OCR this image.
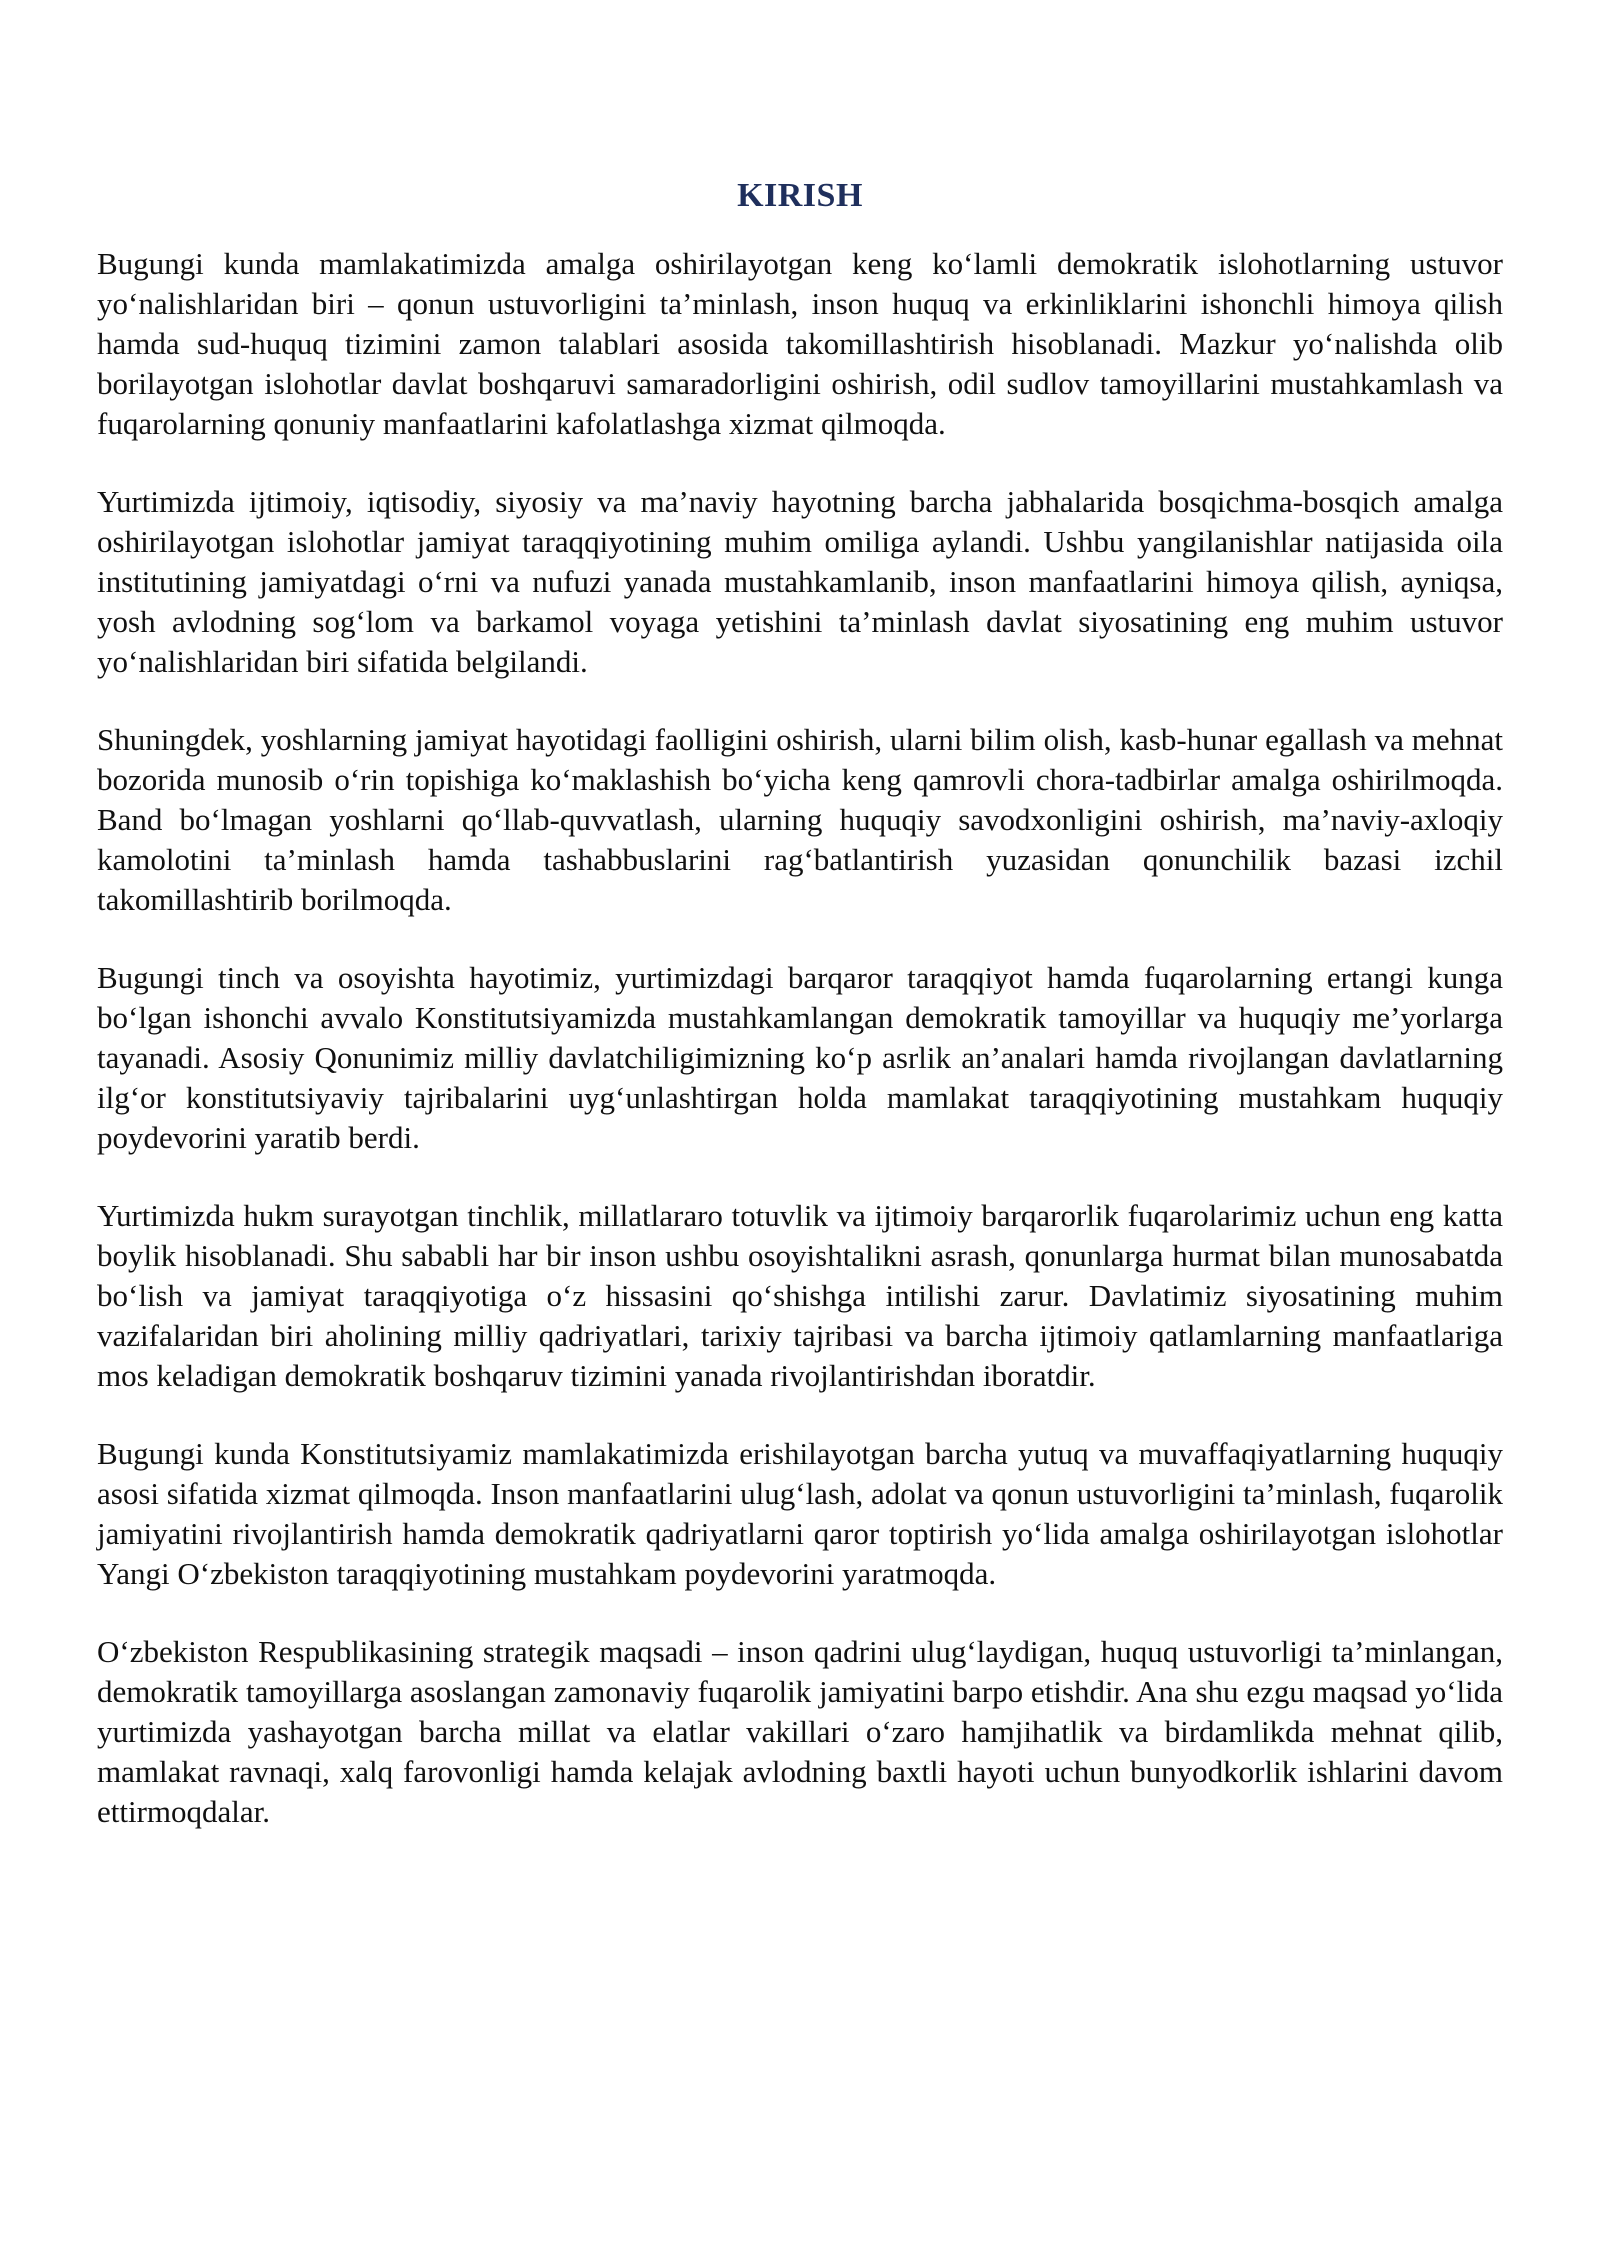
KIRISH

Bugungi kunda mamlakatimizda amalga oshirilayotgan keng ko‘lamli demokratik islohotlarning ustuvor yo‘nalishlaridan biri – qonun ustuvorligini ta’minlash, inson huquq va erkinliklarini ishonchli himoya qilish hamda sud-huquq tizimini zamon talablari asosida takomillashtirish hisoblanadi. Mazkur yo‘nalishda olib borilayotgan islohotlar davlat boshqaruvi samaradorligini oshirish, odil sudlov tamoyillarini mustahkamlash va fuqarolarning qonuniy manfaatlarini kafolatlashga xizmat qilmoqda.

Yurtimizda ijtimoiy, iqtisodiy, siyosiy va ma’naviy hayotning barcha jabhalarida bosqichma-bosqich amalga oshirilayotgan islohotlar jamiyat taraqqiyotining muhim omiliga aylandi. Ushbu yangilanishlar natijasida oila institutining jamiyatdagi o‘rni va nufuzi yanada mustahkamlanib, inson manfaatlarini himoya qilish, ayniqsa, yosh avlodning sog‘lom va barkamol voyaga yetishini ta’minlash davlat siyosatining eng muhim ustuvor yo‘nalishlaridan biri sifatida belgilandi.

Shuningdek, yoshlarning jamiyat hayotidagi faolligini oshirish, ularni bilim olish, kasb-hunar egallash va mehnat bozorida munosib o‘rin topishiga ko‘maklashish bo‘yicha keng qamrovli chora-tadbirlar amalga oshirilmoqda. Band bo‘lmagan yoshlarni qo‘llab-quvvatlash, ularning huquqiy savodxonligini oshirish, ma’naviy-axloqiy kamolotini ta’minlash hamda tashabbuslarini rag‘batlantirish yuzasidan qonunchilik bazasi izchil takomillashtirib borilmoqda.

Bugungi tinch va osoyishta hayotimiz, yurtimizdagi barqaror taraqqiyot hamda fuqarolarning ertangi kunga bo‘lgan ishonchi avvalo Konstitutsiyamizda mustahkamlangan demokratik tamoyillar va huquqiy me’yorlarga tayanadi. Asosiy Qonunimiz milliy davlatchiligimizning ko‘p asrlik an’analari hamda rivojlangan davlatlarning ilg‘or konstitutsiyaviy tajribalarini uyg‘unlashtirgan holda mamlakat taraqqiyotining mustahkam huquqiy poydevorini yaratib berdi.

Yurtimizda hukm surayotgan tinchlik, millatlararo totuvlik va ijtimoiy barqarorlik fuqarolarimiz uchun eng katta boylik hisoblanadi. Shu sababli har bir inson ushbu osoyishtalikni asrash, qonunlarga hurmat bilan munosabatda bo‘lish va jamiyat taraqqiyotiga o‘z hissasini qo‘shishga intilishi zarur. Davlatimiz siyosatining muhim vazifalaridan biri aholining milliy qadriyatlari, tarixiy tajribasi va barcha ijtimoiy qatlamlarning manfaatlariga mos keladigan demokratik boshqaruv tizimini yanada rivojlantirishdan iboratdir.

Bugungi kunda Konstitutsiyamiz mamlakatimizda erishilayotgan barcha yutuq va muvaffaqiyatlarning huquqiy asosi sifatida xizmat qilmoqda. Inson manfaatlarini ulug‘lash, adolat va qonun ustuvorligini ta’minlash, fuqarolik jamiyatini rivojlantirish hamda demokratik qadriyatlarni qaror toptirish yo‘lida amalga oshirilayotgan islohotlar Yangi O‘zbekiston taraqqiyotining mustahkam poydevorini yaratmoqda.

O‘zbekiston Respublikasining strategik maqsadi – inson qadrini ulug‘laydigan, huquq ustuvorligi ta’minlangan, demokratik tamoyillarga asoslangan zamonaviy fuqarolik jamiyatini barpo etishdir. Ana shu ezgu maqsad yo‘lida yurtimizda yashayotgan barcha millat va elatlar vakillari o‘zaro hamjihatlik va birdamlikda mehnat qilib, mamlakat ravnaqi, xalq farovonligi hamda kelajak avlodning baxtli hayoti uchun bunyodkorlik ishlarini davom ettirmoqdalar.
